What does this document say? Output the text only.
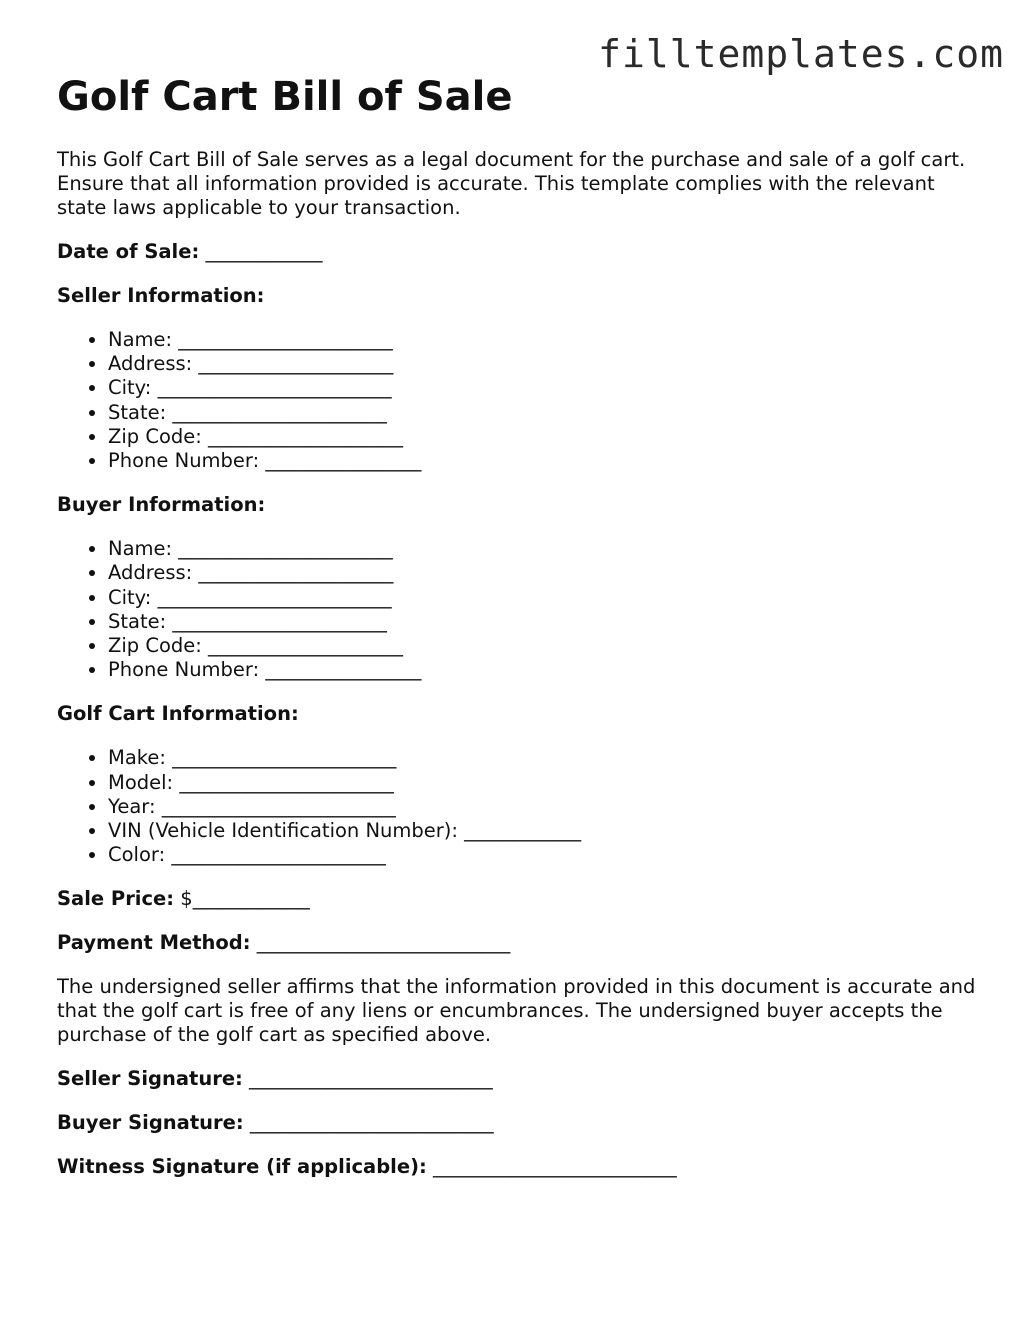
filltemplates.com
Golf Cart Bill of Sale

This Golf Cart Bill of Sale serves as a legal document for the purchase and sale of a golf cart. Ensure that all information provided is accurate. This template complies with the relevant state laws applicable to your transaction.

Date of Sale: ____________

Seller Information:

• Name: ______________________
• Address: ____________________
• City: ________________________
• State: ______________________
• Zip Code: ____________________
• Phone Number: ________________

Buyer Information:

• Name: ______________________
• Address: ____________________
• City: ________________________
• State: ______________________
• Zip Code: ____________________
• Phone Number: ________________

Golf Cart Information:

• Make: _______________________
• Model: ______________________
• Year: ________________________
• VIN (Vehicle Identification Number): ____________
• Color: ______________________

Sale Price: $____________

Payment Method: __________________________

The undersigned seller affirms that the information provided in this document is accurate and that the golf cart is free of any liens or encumbrances. The undersigned buyer accepts the purchase of the golf cart as specified above.

Seller Signature: _________________________

Buyer Signature: _________________________

Witness Signature (if applicable): _________________________
